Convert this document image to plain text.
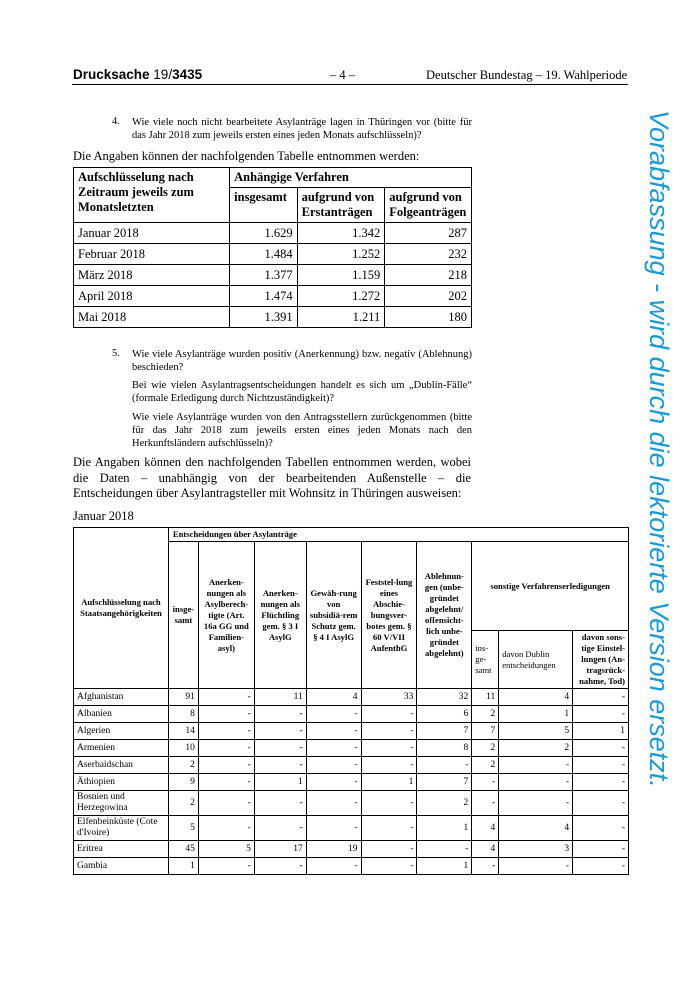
Drucksache 19/3435	– 4 –	Deutscher Bundestag – 19. Wahlperiode
4. Wie viele noch nicht bearbeitete Asylanträge lagen in Thüringen vor (bitte für das Jahr 2018 zum jeweils ersten eines jeden Monats aufschlüsseln)?
Die Angaben können der nachfolgenden Tabelle entnommen werden:
Aufschlüsselung nach Zeitraum jeweils zum Monatsletzten	Anhängige Verfahren		
	insgesamt	aufgrund von Erstanträgen	aufgrund von Folgeanträgen
Januar 2018	1.629	1.342	287
Februar 2018	1.484	1.252	232
März 2018	1.377	1.159	218
April 2018	1.474	1.272	202
Mai 2018	1.391	1.211	180
5. Wie viele Asylanträge wurden positiv (Anerkennung) bzw. negativ (Ablehnung) beschieden?
Bei wie vielen Asylantragsentscheidungen handelt es sich um „Dublin-Fälle“ (formale Erledigung durch Nichtzuständigkeit)?
Wie viele Asylanträge wurden von den Antragsstellern zurückgenommen (bitte für das Jahr 2018 zum jeweils ersten eines jeden Monats nach den Herkunftsländern aufschlüsseln)?
Die Angaben können den nachfolgenden Tabellen entnommen werden, wobei die Daten – unabhängig von der bearbeitenden Außenstelle – die Entscheidungen über Asylantragsteller mit Wohnsitz in Thüringen ausweisen:
Januar 2018
Aufschlüsselung nach Staatsangehörigkeiten	Entscheidungen über Asylanträge								
	insge-samt	Anerken-nungen als Asylberech-tigte (Art. 16a GG und Familien-asyl)	Anerken-nungen als Flüchtling gem. § 3 I AsylG	Gewäh-rung von subsidiä-rem Schutz gem. § 4 I AsylG	Feststel-lung eines Abschie-bungsver-botes gem. § 60 V/VII AufenthG	Ablehnun-gen (unbe-gründet abgelehnt/ offensicht-lich unbe-gründet abgelehnt)	sonstige Verfahrenserledigungen		
							ins-ge-samt	davon Dublin entscheidungen	davon sons-tige Einstel-lungen (An-tragsrück-nahme, Tod)
Afghanistan	91	-	11	4	33	32	11	4	-
Albanien	8	-	-	-	-	6	2	1	-
Algerien	14	-	-	-	-	7	7	5	1
Armenien	10	-	-	-	-	8	2	2	-
Aserbaidschan	2	-	-	-	-	-	2	-	-
Äthiopien	9	-	1	-	1	7	-	-	-
Bosnien und Herzegowina	2	-	-	-	-	2	-	-	-
Elfenbeinküste (Cote d'Ivoire)	5	-	-	-	-	1	4	4	-
Eritrea	45	5	17	19	-	-	4	3	-
Gambia	1	-	-	-	-	1	-	-	-
Vorabfassung - wird durch die lektorierte Version ersetzt.
